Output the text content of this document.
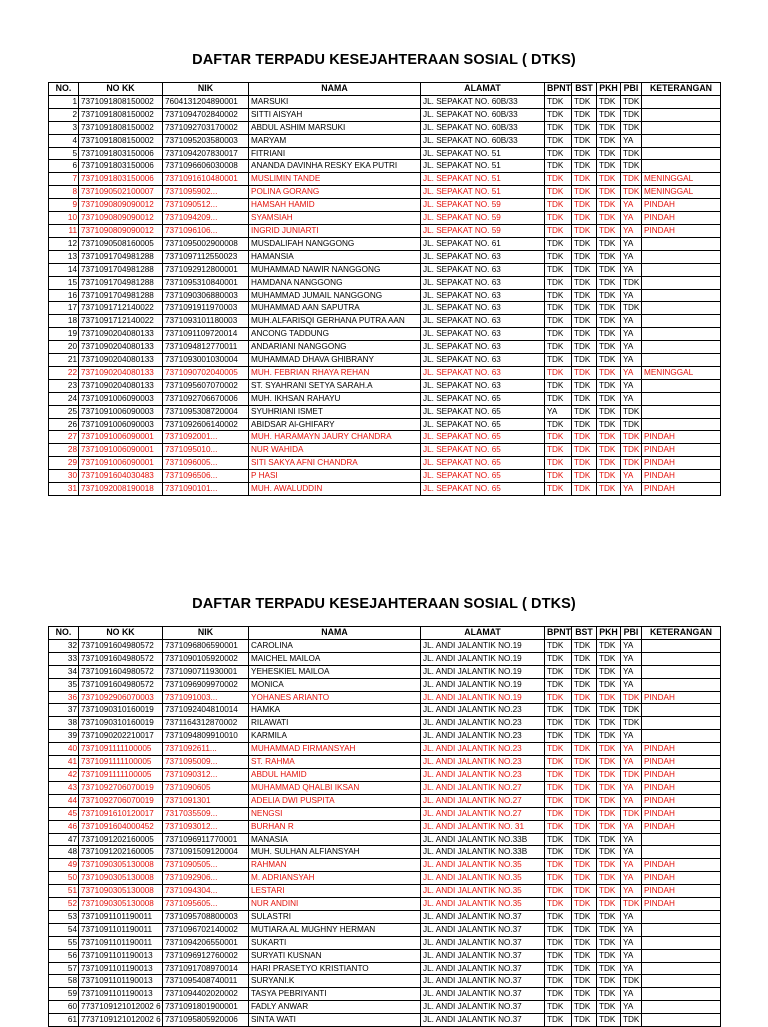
DAFTAR TERPADU KESEJAHTERAAN SOSIAL ( DTKS)
NO.	NO KK	NIK	NAMA	ALAMAT	BPNT	BST	PKH	PBI	KETERANGAN
1	7371091808150002	7604131204890001	MARSUKI	JL. SEPAKAT NO. 60B/33	TDK	TDK	TDK	TDK	
2	7371091808150002	7371094702840002	SITTI AISYAH	JL. SEPAKAT NO. 60B/33	TDK	TDK	TDK	TDK	
3	7371091808150002	7371092703170002	ABDUL ASHIM MARSUKI	JL. SEPAKAT NO. 60B/33	TDK	TDK	TDK	TDK	
4	7371091808150002	7371095203580003	MARYAM	JL. SEPAKAT NO. 60B/33	TDK	TDK	TDK	YA	
5	7371091803150006	7371094207830017	FITRIANI	JL. SEPAKAT NO. 51	TDK	TDK	TDK	TDK	
6	7371091803150006	7371096606030008	ANANDA DAVINHA RESKY EKA PUTRI	JL. SEPAKAT NO. 51	TDK	TDK	TDK	TDK	
7	7371091803150006	7371091610480001	MUSLIMIN TANDE	JL. SEPAKAT NO. 51	TDK	TDK	TDK	TDK	MENINGGAL
8	7371090502100007	7371095902...	POLINA GORANG	JL. SEPAKAT NO. 51	TDK	TDK	TDK	TDK	MENINGGAL
9	7371090809090012	7371090512...	HAMSAH HAMID	JL. SEPAKAT NO. 59	TDK	TDK	TDK	YA	PINDAH
10	7371090809090012	7371094209...	SYAMSIAH	JL. SEPAKAT NO. 59	TDK	TDK	TDK	YA	PINDAH
11	7371090809090012	7371096106...	INGRID JUNIARTI	JL. SEPAKAT NO. 59	TDK	TDK	TDK	YA	PINDAH
12	7371090508160005	7371095002900008	MUSDALIFAH NANGGONG	JL. SEPAKAT NO. 61	TDK	TDK	TDK	YA	
13	7371091704981288	7371097112550023	HAMANSIA	JL. SEPAKAT NO. 63	TDK	TDK	TDK	YA	
14	7371091704981288	7371092912800001	MUHAMMAD NAWIR NANGGONG	JL. SEPAKAT NO. 63	TDK	TDK	TDK	YA	
15	7371091704981288	7371095310840001	HAMDANA NANGGONG	JL. SEPAKAT NO. 63	TDK	TDK	TDK	TDK	
16	7371091704981288	7371090306880003	MUHAMMAD JUMAIL NANGGONG	JL. SEPAKAT NO. 63	TDK	TDK	TDK	YA	
17	7371091712140022	7371091911970003	MUHAMMAD AAN SAPUTRA	JL. SEPAKAT NO. 63	TDK	TDK	TDK	TDK	
18	7371091712140022	7371093101180003	MUH.ALFARISQI GERHANA PUTRA AAN	JL. SEPAKAT NO. 63	TDK	TDK	TDK	YA	
19	7371090204080133	7371091109720014	ANCONG TADDUNG	JL. SEPAKAT NO. 63	TDK	TDK	TDK	YA	
20	7371090204080133	7371094812770011	ANDARIANI NANGGONG	JL. SEPAKAT NO. 63	TDK	TDK	TDK	YA	
21	7371090204080133	7371093001030004	MUHAMMAD DHAVA GHIBRANY	JL. SEPAKAT NO. 63	TDK	TDK	TDK	YA	
22	7371090204080133	7371090702040005	MUH. FEBRIAN RHAYA REHAN	JL. SEPAKAT NO. 63	TDK	TDK	TDK	YA	MENINGGAL
23	7371090204080133	7371095607070002	ST. SYAHRANI SETYA SARAH.A	JL. SEPAKAT NO. 63	TDK	TDK	TDK	YA	
24	7371091006090003	7371092706670006	MUH. IKHSAN RAHAYU	JL. SEPAKAT NO. 65	TDK	TDK	TDK	YA	
25	7371091006090003	7371095308720004	SYUHRIANI ISMET	JL. SEPAKAT NO. 65	YA	TDK	TDK	TDK	
26	7371091006090003	7371092606140002	ABIDSAR Al-GHIFARY	JL. SEPAKAT NO. 65	TDK	TDK	TDK	TDK	
27	7371091006090001	7371092001...	MUH. HARAMAYN JAURY CHANDRA	JL. SEPAKAT NO. 65	TDK	TDK	TDK	TDK	PINDAH
28	7371091006090001	7371095010...	NUR WAHIDA	JL. SEPAKAT NO. 65	TDK	TDK	TDK	TDK	PINDAH
29	7371091006090001	7371096005...	SITI SAKYA AFNI CHANDRA	JL. SEPAKAT NO. 65	TDK	TDK	TDK	TDK	PINDAH
30	7371091604030483	7371096506...	P HASI	JL. SEPAKAT NO. 65	TDK	TDK	TDK	YA	PINDAH
31	7371092008190018	7371090101...	MUH. AWALUDDIN	JL. SEPAKAT NO. 65	TDK	TDK	TDK	YA	PINDAH
DAFTAR TERPADU KESEJAHTERAAN SOSIAL ( DTKS)
NO.	NO KK	NIK	NAMA	ALAMAT	BPNT	BST	PKH	PBI	KETERANGAN
32	7371091604980572	7371096806590001	CAROLINA	JL. ANDI JALANTIK NO.19	TDK	TDK	TDK	YA	
33	7371091604980572	7371090105920002	MAICHEL MAILOA	JL. ANDI JALANTIK NO.19	TDK	TDK	TDK	YA	
34	7371091604980572	7371090711930001	YEHESKIEL MAILOA	JL. ANDI JALANTIK NO.19	TDK	TDK	TDK	YA	
35	7371091604980572	7371096909970002	MONICA	JL. ANDI JALANTIK NO.19	TDK	TDK	TDK	YA	
36	7371092906070003	7371091003...	YOHANES ARIANTO	JL. ANDI JALANTIK NO.19	TDK	TDK	TDK	TDK	PINDAH
37	7371090310160019	7371092404810014	HAMKA	JL. ANDI JALANTIK NO.23	TDK	TDK	TDK	TDK	
38	7371090310160019	7371164312870002	RILAWATI	JL. ANDI JALANTIK NO.23	TDK	TDK	TDK	TDK	
39	7371090202210017	7371094809910010	KARMILA	JL. ANDI JALANTIK NO.23	TDK	TDK	TDK	YA	
40	7371091111100005	7371092611...	MUHAMMAD FIRMANSYAH	JL. ANDI JALANTIK NO.23	TDK	TDK	TDK	YA	PINDAH
41	7371091111100005	7371095009...	ST. RAHMA	JL. ANDI JALANTIK NO.23	TDK	TDK	TDK	YA	PINDAH
42	7371091111100005	7371090312...	ABDUL HAMID	JL. ANDI JALANTIK NO.23	TDK	TDK	TDK	TDK	PINDAH
43	7371092706070019	7371090605	MUHAMMAD QHALBI IKSAN	JL. ANDI JALANTIK NO.27	TDK	TDK	TDK	YA	PINDAH
44	7371092706070019	7371091301	ADELIA DWI PUSPITA	JL. ANDI JALANTIK NO.27	TDK	TDK	TDK	YA	PINDAH
45	7371091610120017	7317035509...	NENGSI	JL. ANDI JALANTIK NO.27	TDK	TDK	TDK	TDK	PINDAH
46	7371091604000452	7371093012...	BURHAN R	JL. ANDI JALANTIK NO. 31	TDK	TDK	TDK	YA	PINDAH
47	7371091202160005	7371096911770001	MANASIA	JL. ANDI JALANTIK NO.33B	TDK	TDK	TDK	YA	
48	7371091202160005	7371091509120004	MUH. SULHAN ALFIANSYAH	JL. ANDI JALANTIK NO.33B	TDK	TDK	TDK	YA	
49	7371090305130008	7371090505...	RAHMAN	JL. ANDI JALANTIK NO.35	TDK	TDK	TDK	YA	PINDAH
50	7371090305130008	7371092906...	M. ADRIANSYAH	JL. ANDI JALANTIK NO.35	TDK	TDK	TDK	YA	PINDAH
51	7371090305130008	7371094304...	LESTARI	JL. ANDI JALANTIK NO.35	TDK	TDK	TDK	YA	PINDAH
52	7371090305130008	7371095605...	NUR ANDINI	JL. ANDI JALANTIK NO.35	TDK	TDK	TDK	TDK	PINDAH
53	7371091101190011	7371095708800003	SULASTRI	JL. ANDI JALANTIK NO.37	TDK	TDK	TDK	YA	
54	7371091101190011	7371096702140002	MUTIARA AL MUGHNY HERMAN	JL. ANDI JALANTIK NO.37	TDK	TDK	TDK	YA	
55	7371091101190011	7371094206550001	SUKARTI	JL. ANDI JALANTIK NO.37	TDK	TDK	TDK	YA	
56	7371091101190013	7371096912760002	SURYATI KUSNAN	JL. ANDI JALANTIK NO.37	TDK	TDK	TDK	YA	
57	7371091101190013	7371091708970014	HARI PRASETYO KRISTIANTO	JL. ANDI JALANTIK NO.37	TDK	TDK	TDK	YA	
58	7371091101190013	7371095408740011	SURYANI.K	JL. ANDI JALANTIK NO.37	TDK	TDK	TDK	TDK	
59	7371091101190013	7371094402020002	TASYA PEBRIYANTI	JL. ANDI JALANTIK NO.37	TDK	TDK	TDK	YA	
60	7737109121012002 6	7371091801900001	FADLY ANWAR	JL. ANDI JALANTIK NO.37	TDK	TDK	TDK	YA	
61	7737109121012002 6	7371095805920006	SINTA WATI	JL. ANDI JALANTIK NO.37	TDK	TDK	TDK	TDK	
